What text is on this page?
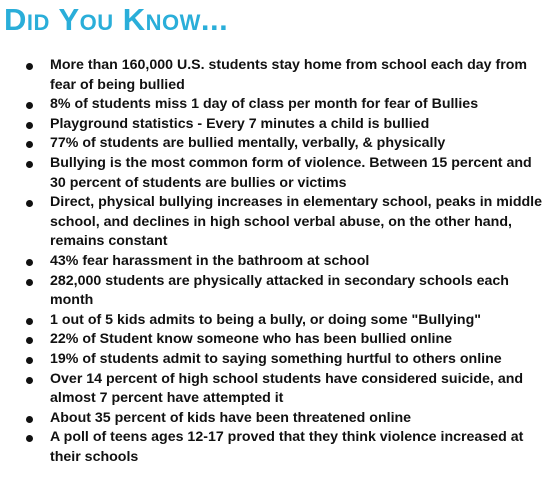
Did You Know...
More than 160,000 U.S. students stay home from school each day from fear of being bullied
8% of students miss 1 day of class per month for fear of Bullies
Playground statistics - Every 7 minutes a child is bullied
77% of students are bullied mentally, verbally, & physically
Bullying is the most common form of violence. Between 15 percent and 30 percent of students are bullies or victims
Direct, physical bullying increases in elementary school, peaks in middle school, and declines in high school verbal abuse, on the other hand, remains constant
43% fear harassment in the bathroom at school
282,000 students are physically attacked in secondary schools each month
1 out of 5 kids admits to being a bully, or doing some "Bullying"
22% of Student know someone who has been bullied online
19% of students admit to saying something hurtful to others online
Over 14 percent of high school students have considered suicide, and almost 7 percent have attempted it
About 35 percent of kids have been threatened online
A poll of teens ages 12-17 proved that they think violence increased at their schools
